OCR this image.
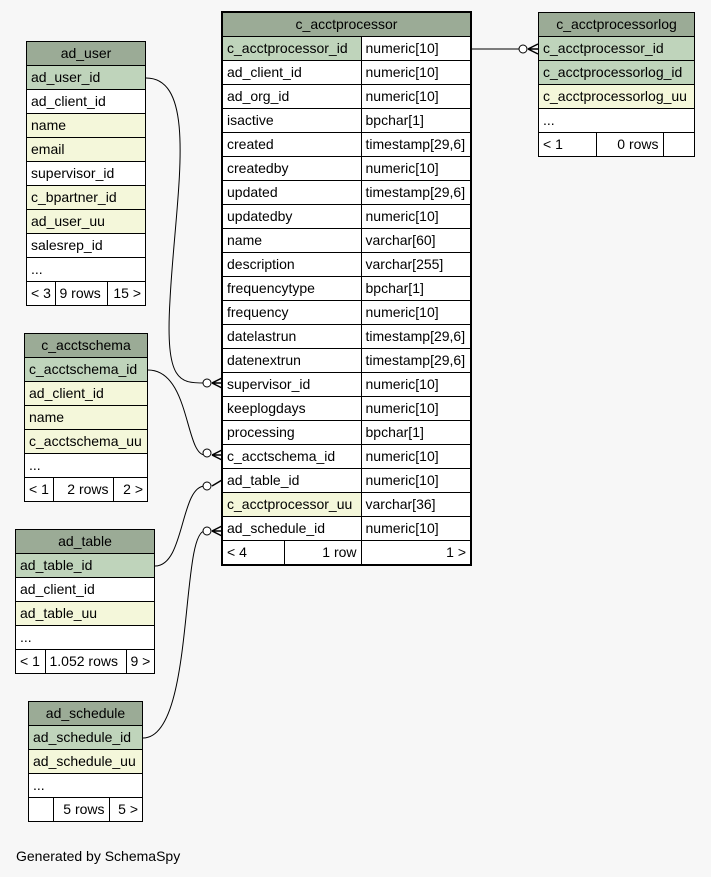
ad_user
ad_user_id
ad_client_id
name
email
supervisor_id
c_bpartner_id
ad_user_uu
salesrep_id
...
< 3	9 rows	15 >
c_acctschema
c_acctschema_id
ad_client_id
name
c_acctschema_uu
...
< 1	2 rows	2 >
ad_table
ad_table_id
ad_client_id
ad_table_uu
...
< 1	1.052 rows	9 >
ad_schedule
ad_schedule_id
ad_schedule_uu
...
	5 rows	5 >
c_acctprocessorlog
c_acctprocessor_id
c_acctprocessorlog_id
c_acctprocessorlog_uu
...
< 1	0 rows	
c_acctprocessor		
c_acctprocessor_id		numeric[10]
ad_client_id		numeric[10]
ad_org_id		numeric[10]
isactive		bpchar[1]
created		timestamp[29,6]
createdby		numeric[10]
updated		timestamp[29,6]
updatedby		numeric[10]
name		varchar[60]
description		varchar[255]
frequencytype		bpchar[1]
frequency		numeric[10]
datelastrun		timestamp[29,6]
datenextrun		timestamp[29,6]
supervisor_id		numeric[10]
keeplogdays		numeric[10]
processing		bpchar[1]
c_acctschema_id		numeric[10]
ad_table_id		numeric[10]
c_acctprocessor_uu		varchar[36]
ad_schedule_id		numeric[10]
< 4	1 row	1 >
Generated by SchemaSpy
